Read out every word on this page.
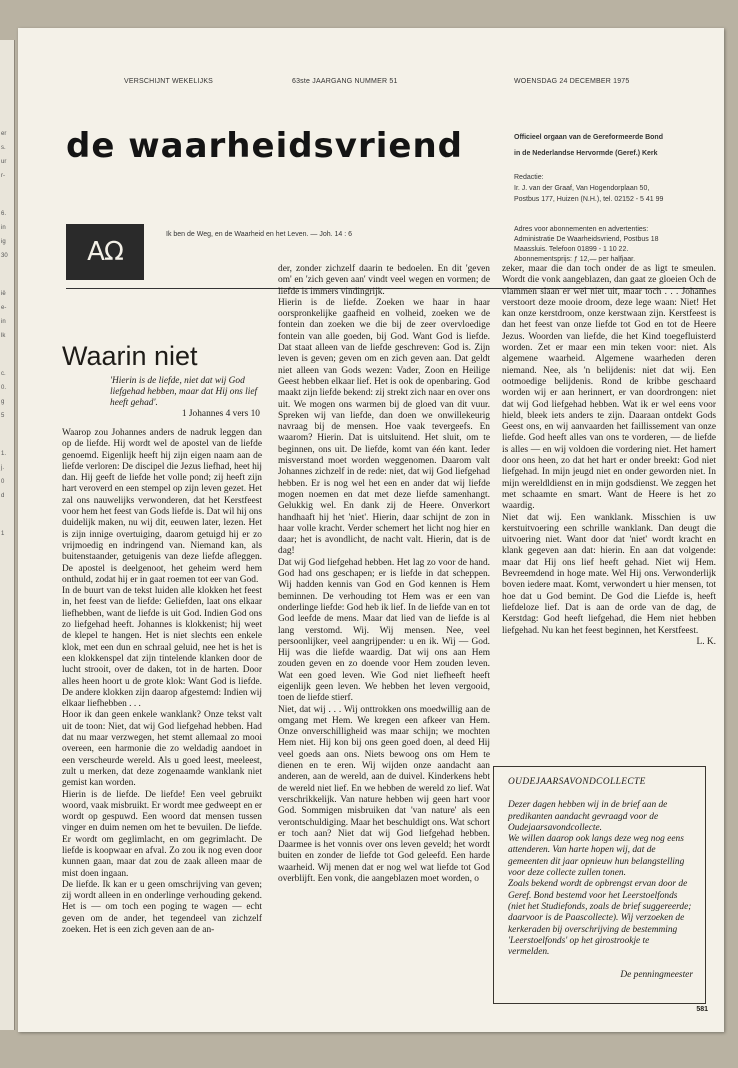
er
s.
ur
r-
6.
in
ig
30
ië
e-
in
lk
c.
0.
g
5
1.
j.
0
d
1
VERSCHIJNT WEKELIJKS	63ste JAARGANG NUMMER 51	WOENSDAG 24 DECEMBER 1975
de waarheidsvriend	Officieel orgaan van de Gereformeerde Bond
in de Nederlandse Hervormde (Geref.) Kerk
Redactie:
Ir. J. van der Graaf, Van Hogendorplaan 50,
Postbus 177, Huizen (N.H.), tel. 02152 - 5 41 99
AΩ
Ik ben de Weg, en de Waarheid en het Leven. — Joh. 14 : 6
Adres voor abonnementen en advertenties:
Administratie De Waarheidsvriend, Postbus 18
Maassluis. Telefoon 01899 - 1 10 22.
Abonnementsprijs: ƒ 12,— per halfjaar.
Waarin niet
'Hierin is de liefde, niet dat wij God liefgehad hebben, maar dat Hij ons lief heeft gehad'.
1 Johannes 4 vers 10

Waarop zou Johannes anders de nadruk leggen dan op de liefde. Hij wordt wel de apostel van de liefde genoemd. Eigenlijk heeft hij zijn eigen naam aan de liefde verloren: De discipel die Jezus liefhad, heet hij dan. Hij geeft de liefde het volle pond; zij heeft zijn hart veroverd en een stempel op zijn leven gezet. Het zal ons nauwelijks verwonderen, dat het Kerstfeest voor hem het feest van Gods liefde is. Dat wil hij ons duidelijk maken, nu wij dit, eeuwen later, lezen. Het is zijn innige overtuiging, daarom getuigd hij er zo vrijmoedig en indringend van. Niemand kan, als buitenstaander, getuigenis van deze liefde afleggen. De apostel is deelgenoot, het geheim werd hem onthuld, zodat hij er in gaat roemen tot eer van God.

In de buurt van de tekst luiden alle klokken het feest in, het feest van de liefde: Geliefden, laat ons elkaar liefhebben, want de liefde is uit God. Indien God ons zo liefgehad heeft. Johannes is klokkenist; hij weet de klepel te hangen. Het is niet slechts een enkele klok, met een dun en schraal geluid, nee het is het is een klokkenspel dat zijn tintelende klanken door de lucht strooit, over de daken, tot in de harten. Door alles heen hoort u de grote klok: Want God is liefde. De andere klokken zijn daarop afgestemd: Indien wij elkaar liefhebben . . .

Hoor ik dan geen enkele wanklank? Onze tekst valt uit de toon: Niet, dat wij God liefgehad hebben. Had dat nu maar verzwegen, het stemt allemaal zo mooi overeen, een harmonie die zo weldadig aandoet in een verscheurde wereld. Als u goed leest, meeleest, zult u merken, dat deze zogenaamde wanklank niet gemist kan worden.

Hierin is de liefde. De liefde! Een veel gebruikt woord, vaak misbruikt. Er wordt mee gedweept en er wordt op gespuwd. Een woord dat mensen tussen vinger en duim nemen om het te bevuilen. De liefde. Er wordt om geglimlacht, en om gegrimlacht. De liefde is koopwaar en afval. Zo zou ik nog even door kunnen gaan, maar dat zou de zaak alleen maar de mist doen ingaan.

De liefde. Ik kan er u geen omschrijving van geven; zij wordt alleen in en onderlinge verhouding gekend. Het is — om toch een poging te wagen — echt geven om de ander, het tegendeel van zichzelf zoeken. Het is een zich geven aan de an-

der, zonder zichzelf daarin te bedoelen. En dit 'geven om' en 'zich geven aan' vindt veel wegen en vormen; de liefde is immers vindingrijk.

Hierin is de liefde. Zoeken we haar in haar oorspronkelijke gaafheid en volheid, zoeken we de fontein dan zoeken we die bij de zeer overvloedige fontein van alle goeden, bij God. Want God is liefde. Dat staat alleen van de liefde geschreven: God is. Zijn leven is geven; geven om en zich geven aan. Dat geldt niet alleen van Gods wezen: Vader, Zoon en Heilige Geest hebben elkaar lief. Het is ook de openbaring. God maakt zijn liefde bekend: zij strekt zich naar en over ons uit. We mogen ons warmen bij de gloed van dit vuur. Spreken wij van liefde, dan doen we onwillekeurig navraag bij de mensen. Hoe vaak tevergeefs. En waarom? Hierin. Dat is uitsluitend. Het sluit, om te beginnen, ons uit. De liefde, komt van één kant. Ieder misverstand moet worden weggenomen. Daarom valt Johannes zichzelf in de rede: niet, dat wij God liefgehad hebben. Er is nog wel het een en ander dat wij liefde mogen noemen en dat met deze liefde samenhangt. Gelukkig wel. En dank zij de Heere. Onverkort handhaaft hij het 'niet'. Hierin, daar schijnt de zon in haar volle kracht. Verder schemert het licht nog hier en daar; het is avondlicht, de nacht valt. Hierin, dat is de dag!

Dat wij God liefgehad hebben. Het lag zo voor de hand. God had ons geschapen; er is liefde in dat scheppen. Wij hadden kennis van God en God kennen is Hem beminnen. De verhouding tot Hem was er een van onderlinge liefde: God heb ik lief. In de liefde van en tot God leefde de mens. Maar dat lied van de liefde is al lang verstomd. Wij. Wij mensen. Nee, veel persoonlijker, veel aangrijpender: u en ik. Wij — God. Hij was die liefde waardig. Dat wij ons aan Hem zouden geven en zo doende voor Hem zouden leven. Wat een goed leven. Wie God niet liefheeft heeft eigenlijk geen leven. We hebben het leven vergooid, toen de liefde stierf.

Niet, dat wij . . . Wij onttrokken ons moedwillig aan de omgang met Hem. We kregen een afkeer van Hem. Onze onverschilligheid was maar schijn; we mochten Hem niet. Hij kon bij ons geen goed doen, al deed Hij veel goeds aan ons. Niets bewoog ons om Hem te dienen en te eren. Wij wijden onze aandacht aan anderen, aan de wereld, aan de duivel. Kinderkens hebt de wereld niet lief. En we hebben de wereld zo lief. Wat verschrikkelijk. Van nature hebben wij geen hart voor God. Sommigen misbruiken dat 'van nature' als een verontschuldiging. Maar het beschuldigt ons. Wat schort er toch aan? Niet dat wij God liefgehad hebben. Daarmee is het vonnis over ons leven geveld; het wordt buiten en zonder de liefde tot God geleefd. Een harde waarheid. Wij menen dat er nog wel wat liefde tot God overblijft. Een vonk, die aangeblazen moet worden, o

zeker, maar die dan toch onder de as ligt te smeulen. Wordt die vonk aangeblazen, dan gaat ze gloeien Och de vlammen slaan er wel niet uit, maar toch . . . Johannes verstoort deze mooie droom, deze lege waan: Niet! Het kan onze kerstdroom, onze kerstwaan zijn. Kerstfeest is dan het feest van onze liefde tot God en tot de Heere Jezus. Woorden van liefde, die het Kind toegefluisterd worden. Zet er maar een min teken voor: niet. Als algemene waarheid. Algemene waarheden deren niemand. Nee, als 'n belijdenis: niet dat wij. Een ootmoedige belijdenis. Rond de kribbe geschaard worden wij er aan herinnert, er van doordrongen: niet dat wij God liefgehad hebben. Wat ik er wel eens voor hield, bleek iets anders te zijn. Daaraan ontdekt Gods Geest ons, en wij aanvaarden het faillissement van onze liefde. God heeft alles van ons te vorderen, — de liefde is alles — en wij voldoen die vordering niet. Het hamert door ons heen, zo dat het hart er onder breekt: God niet liefgehad. In mijn jeugd niet en onder geworden niet. In mijn wereldldienst en in mijn godsdienst. We zeggen het met schaamte en smart. Want de Heere is het zo waardig.

Niet dat wij. Een wanklank. Misschien is uw kerstuitvoering een schrille wanklank. Dan deugt die uitvoering niet. Want door dat 'niet' wordt kracht en klank gegeven aan dat: hierin. En aan dat volgende: maar dat Hij ons lief heeft gehad. Niet wij Hem. Bevreemdend in hoge mate. Wel Hij ons. Verwonderlijk boven iedere maat. Komt, verwondert u hier mensen, tot hoe dat u God bemint. De God die Liefde is, heeft liefdeloze lief. Dat is aan de orde van de dag, de Kerstdag: God heeft liefgehad, die Hem niet hebben liefgehad. Nu kan het feest beginnen, het Kerstfeest.

L. K.

OUDEJAARSAVONDCOLLECTE

Dezer dagen hebben wij in de brief aan de predikanten aandacht gevraagd voor de Oudejaarsavondcollecte.

We willen daarop ook langs deze weg nog eens attenderen. Van harte hopen wij, dat de gemeenten dit jaar opnieuw hun belangstelling voor deze collecte zullen tonen.

Zoals bekend wordt de opbrengst ervan door de Geref. Bond bestemd voor het Leerstoelfonds (niet het Studiefonds, zoals de brief suggereerde; daarvoor is de Paascollecte). Wij verzoeken de kerkeraden bij overschrijving de bestemming 'Leerstoelfonds' op het girostrookje te vermelden.

De penningmeester

581
